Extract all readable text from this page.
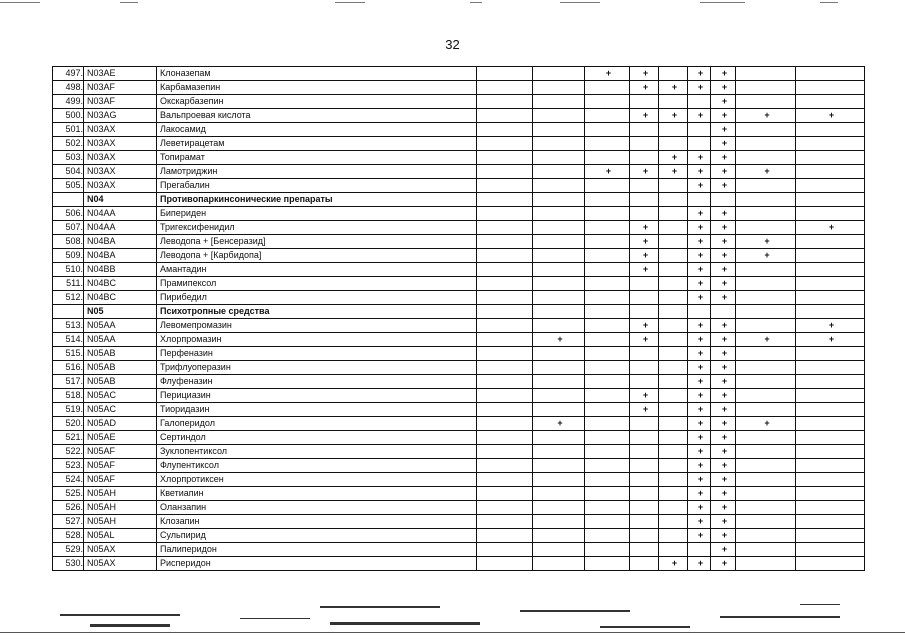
32
497.	N03AE	Клоназепам			+	+		+	+		
498.	N03AF	Карбамазепин				+	+	+	+		
499.	N03AF	Окскарбазепин							+		
500.	N03AG	Вальпроевая кислота				+	+	+	+	+	+
501.	N03AX	Лакосамид							+		
502.	N03AX	Леветирацетам							+		
503.	N03AX	Топирамат					+	+	+		
504.	N03AX	Ламотриджин			+	+	+	+	+	+	
505.	N03AX	Прегабалин						+	+		
	N04	Противопаркинсонические препараты									
506.	N04AA	Бипериден						+	+		
507.	N04AA	Тригексифенидил				+		+	+		+
508.	N04BA	Леводопа + [Бенсеразид]				+		+	+	+	
509.	N04BA	Леводопа + [Карбидопа]				+		+	+	+	
510.	N04BB	Амантадин				+		+	+		
511.	N04BC	Прамипексол						+	+		
512.	N04BC	Пирибедил						+	+		
	N05	Психотропные средства									
513.	N05AA	Левомепромазин				+		+	+		+
514.	N05AA	Хлорпромазин		+		+		+	+	+	+
515.	N05AB	Перфеназин						+	+		
516.	N05AB	Трифлуоперазин						+	+		
517.	N05AB	Флуфеназин						+	+		
518.	N05AC	Перициазин				+		+	+		
519.	N05AC	Тиоридазин				+		+	+		
520.	N05AD	Галоперидол		+				+	+	+	
521.	N05AE	Сертиндол						+	+		
522.	N05AF	Зуклопентиксол						+	+		
523.	N05AF	Флупентиксол						+	+		
524.	N05AF	Хлорпротиксен						+	+		
525.	N05AH	Кветиапин						+	+		
526.	N05AH	Оланзапин						+	+		
527.	N05AH	Клозапин						+	+		
528.	N05AL	Сульпирид						+	+		
529.	N05AX	Палиперидон							+		
530.	N05AX	Рисперидон					+	+	+		
